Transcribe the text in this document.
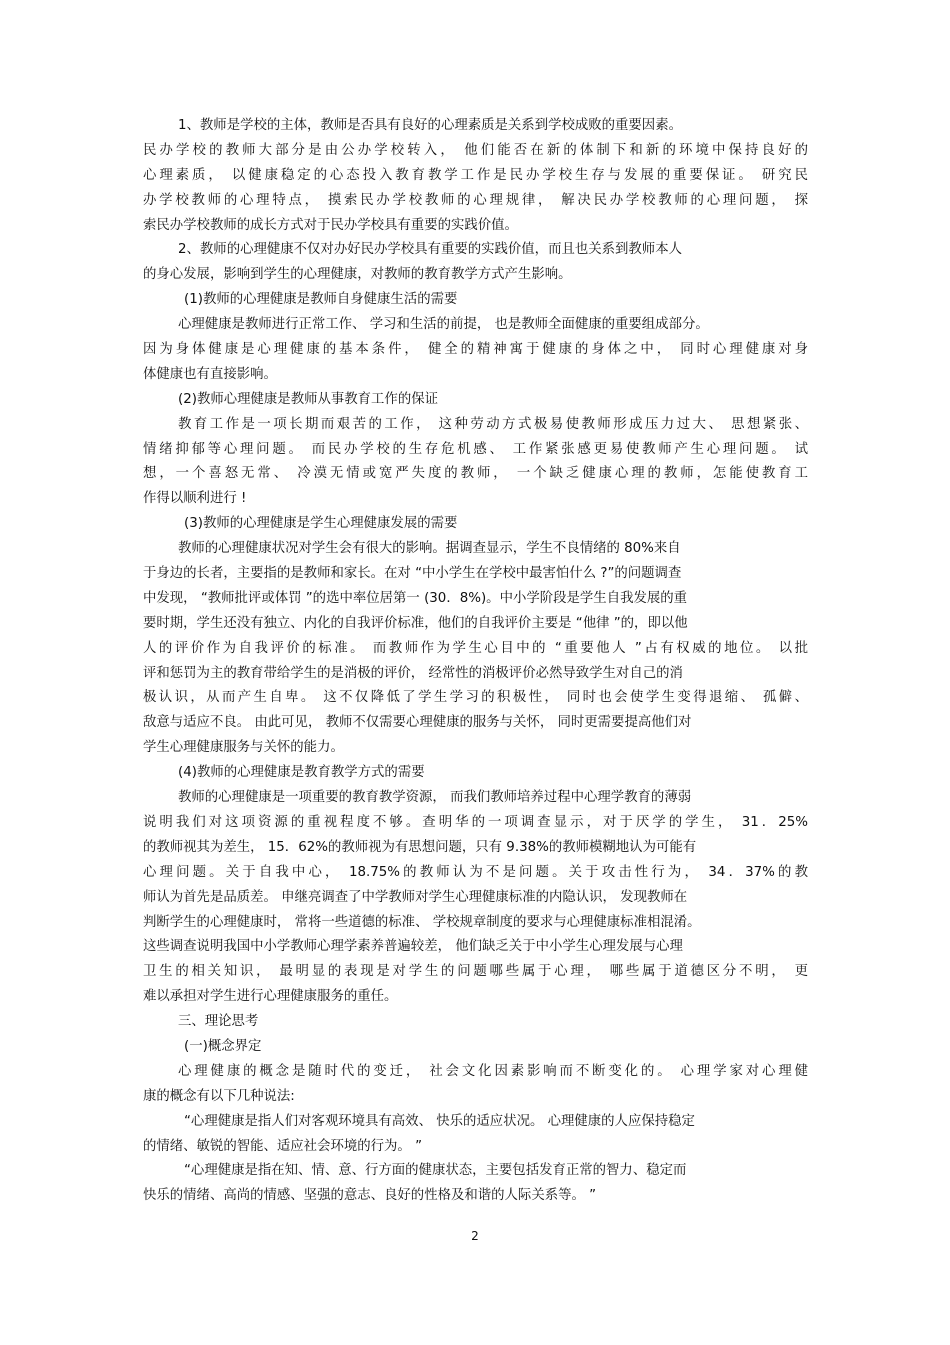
1、教师是学校的主体，教师是否具有良好的心理素质是关系到学校成败的重要因素。
民办学校的教师大部分是由公办学校转入， 他们能否在新的体制下和新的环境中保持良好的
心理素质， 以健康稳定的心态投入教育教学工作是民办学校生存与发展的重要保证。 研究民
办学校教师的心理特点， 摸索民办学校教师的心理规律， 解决民办学校教师的心理问题， 探
索民办学校教师的成长方式对于民办学校具有重要的实践价值。
2、教师的心理健康不仅对办好民办学校具有重要的实践价值，而且也关系到教师本人
的身心发展，影响到学生的心理健康，对教师的教育教学方式产生影响。
(1)教师的心理健康是教师自身健康生活的需要
心理健康是教师进行正常工作、 学习和生活的前提， 也是教师全面健康的重要组成部分。
因为身体健康是心理健康的基本条件， 健全的精神寓于健康的身体之中， 同时心理健康对身
体健康也有直接影响。
(2)教师心理健康是教师从事教育工作的保证
教育工作是一项长期而艰苦的工作， 这种劳动方式极易使教师形成压力过大、 思想紧张、
情绪抑郁等心理问题。 而民办学校的生存危机感、 工作紧张感更易使教师产生心理问题。 试
想，一个喜怒无常、 冷漠无情或宽严失度的教师， 一个缺乏健康心理的教师，怎能使教育工
作得以顺利进行 !
(3)教师的心理健康是学生心理健康发展的需要
教师的心理健康状况对学生会有很大的影响。据调查显示，学生不良情绪的 80%来自
于身边的长者，主要指的是教师和家长。在对 “中小学生在学校中最害怕什么 ?”的问题调查
中发现， “教师批评或体罚 ”的选中率位居第一 (30．8%)。中小学阶段是学生自我发展的重
要时期，学生还没有独立、内化的自我评价标准，他们的自我评价主要是 “他律 ”的，即以他
人的评价作为自我评价的标准。 而教师作为学生心目中的 “重要他人 ”占有权威的地位。 以批
评和惩罚为主的教育带给学生的是消极的评价， 经常性的消极评价必然导致学生对自己的消
极认识，从而产生自卑。 这不仅降低了学生学习的积极性， 同时也会使学生变得退缩、 孤僻、
敌意与适应不良。 由此可见， 教师不仅需要心理健康的服务与关怀， 同时更需要提高他们对
学生心理健康服务与关怀的能力。
(4)教师的心理健康是教育教学方式的需要
教师的心理健康是一项重要的教育教学资源， 而我们教师培养过程中心理学教育的薄弱
说明我们对这项资源的重视程度不够。查明华的一项调查显示，对于厌学的学生， 31．25%
的教师视其为差生， 15．62%的教师视为有思想问题，只有 9.38%的教师模糊地认为可能有
心理问题。关于自我中心， 18.75%的教师认为不是问题。关于攻击性行为， 34．37%的教
师认为首先是品质差。 申继亮调查了中学教师对学生心理健康标准的内隐认识， 发现教师在
判断学生的心理健康时， 常将一些道德的标准、 学校规章制度的要求与心理健康标准相混淆。
这些调查说明我国中小学教师心理学素养普遍较差， 他们缺乏关于中小学生心理发展与心理
卫生的相关知识， 最明显的表现是对学生的问题哪些属于心理， 哪些属于道德区分不明， 更
难以承担对学生进行心理健康服务的重任。
三、理论思考
(一)概念界定
心理健康的概念是随时代的变迁， 社会文化因素影响而不断变化的。 心理学家对心理健
康的概念有以下几种说法:
“心理健康是指人们对客观环境具有高效、 快乐的适应状况。 心理健康的人应保持稳定
的情绪、敏锐的智能、适应社会环境的行为。 ”
“心理健康是指在知、情、意、行方面的健康状态，主要包括发育正常的智力、稳定而
快乐的情绪、高尚的情感、坚强的意志、良好的性格及和谐的人际关系等。 ”
2
